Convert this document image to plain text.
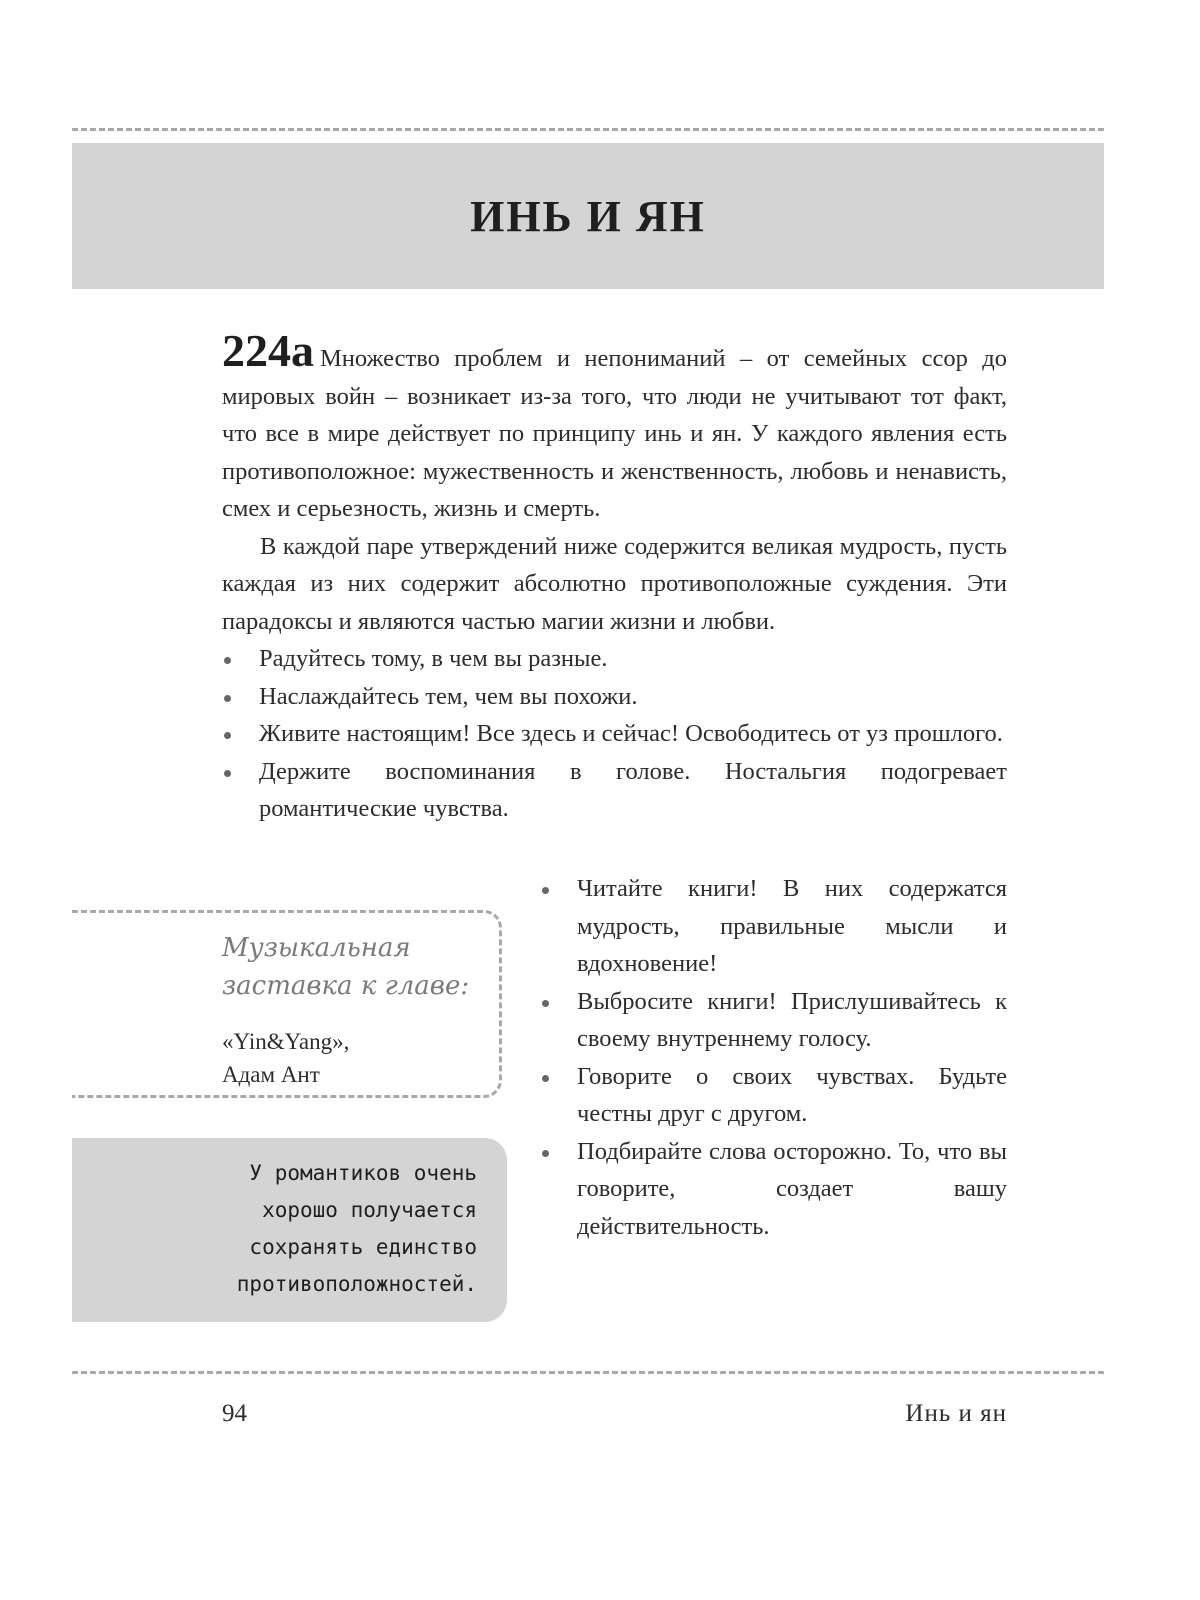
ИНЬ И ЯН

224а Множество проблем и непониманий – от семейных ссор до мировых войн – возникает из-за того, что люди не учитывают тот факт, что все в мире действует по принципу инь и ян. У каждого явления есть противоположное: мужественность и женственность, любовь и ненависть, смех и серьезность, жизнь и смерть.

В каждой паре утверждений ниже содержится великая мудрость, пусть каждая из них содержит абсолютно противоположные суждения. Эти парадоксы и являются частью магии жизни и любви.

Радуйтесь тому, в чем вы разные.
Наслаждайтесь тем, чем вы похожи.
Живите настоящим! Все здесь и сейчас! Освободитесь от уз прошлого.
Держите воспоминания в голове. Ностальгия подогревает романтические чувства.
Читайте книги! В них содержатся мудрость, правильные мысли и вдохновение!
Выбросите книги! Прислушивайтесь к своему внутреннему голосу.
Говорите о своих чувствах. Будьте честны друг с другом.
Подбирайте слова осторожно. То, что вы говорите, создает вашу действительность.
Музыкальная
заставка к главе:
«Yin&Yang»,
Адам Ант

У романтиков очень
хорошо получается
сохранять единство
противоположностей.

94	Инь и ян
